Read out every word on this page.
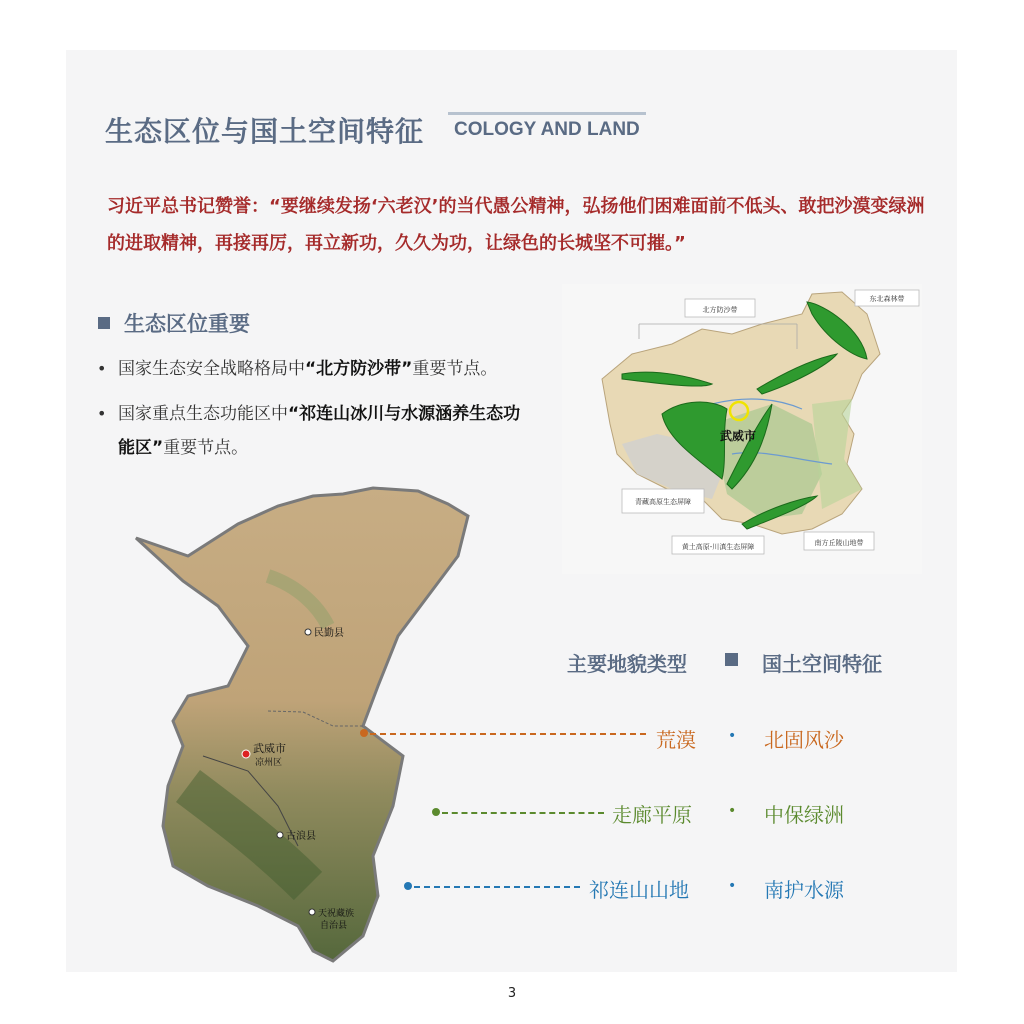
生态区位与国土空间特征 COLOGY AND LAND
习近平总书记赞誉：“要继续发扬‘六老汉’的当代愚公精神，弘扬他们困难面前不低头、敢把沙漠变绿洲的进取精神，再接再厉，再立新功，久久为功，让绿色的长城坚不可摧。”
生态区位重要
• 国家生态安全战略格局中“北方防沙带”重要节点。
• 国家重点生态功能区中“祁连山冰川与水源涵养生态功能区”重要节点。
武威市
北方防沙带
东北森林带
青藏高原生态屏障
黄土高原-川滇生态屏障	南方丘陵山地带
民勤县
武威市
凉州区
古浪县
天祝藏族
自治县
主要地貌类型	国土空间特征
荒漠 • 北固风沙
走廊平原	• 中保绿洲
祁连山山地	• 南护水源
3
